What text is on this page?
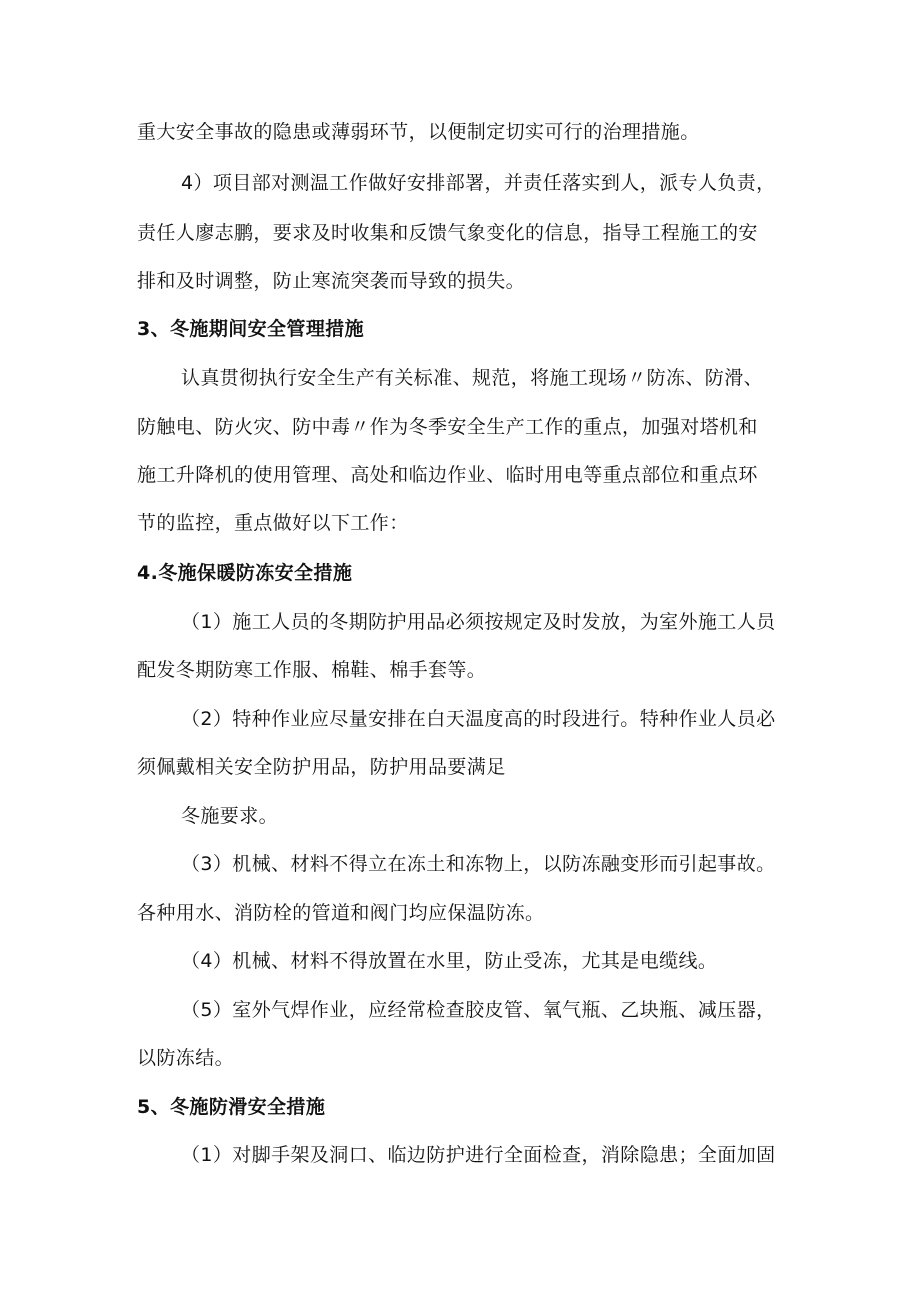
重大安全事故的隐患或薄弱环节，以便制定切实可行的治理措施。
4）项目部对测温工作做好安排部署，并责任落实到人，派专人负责，
责任人廖志鹏，要求及时收集和反馈气象变化的信息，指导工程施工的安
排和及时调整，防止寒流突袭而导致的损失。
3、冬施期间安全管理措施
认真贯彻执行安全生产有关标准、规范，将施工现场〃防冻、防滑、
防触电、防火灾、防中毒〃作为冬季安全生产工作的重点，加强对塔机和
施工升降机的使用管理、高处和临边作业、临时用电等重点部位和重点环
节的监控，重点做好以下工作：
4.冬施保暖防冻安全措施
（1）施工人员的冬期防护用品必须按规定及时发放，为室外施工人员
配发冬期防寒工作服、棉鞋、棉手套等。
（2）特种作业应尽量安排在白天温度高的时段进行。特种作业人员必
须佩戴相关安全防护用品，防护用品要满足
冬施要求。
（3）机械、材料不得立在冻土和冻物上，以防冻融变形而引起事故。
各种用水、消防栓的管道和阀门均应保温防冻。
（4）机械、材料不得放置在水里，防止受冻，尤其是电缆线。
（5）室外气焊作业，应经常检查胶皮管、氧气瓶、乙块瓶、减压器，
以防冻结。
5、冬施防滑安全措施
（1）对脚手架及洞口、临边防护进行全面检查，消除隐患；全面加固
